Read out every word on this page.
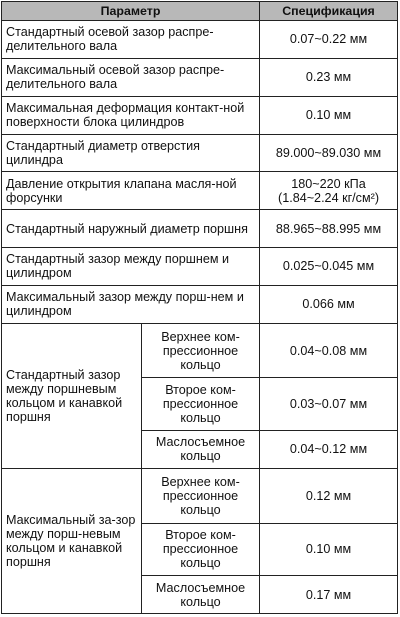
Параметр		Спецификация
Стандартный осевой зазор распре-делительного вала		0.07~0.22 мм
Максимальный осевой зазор распре-делительного вала		0.23 мм
Максимальная деформация контакт-ной поверхности блока цилиндров		0.10 мм
Стандартный диаметр отверстия цилиндра		89.000~89.030 мм
Давление открытия клапана масля-ной форсунки		180~220 кПа (1.84~2.24 кг/см²)
Стандартный наружный диаметр поршня		88.965~88.995 мм
Стандартный зазор между поршнем и цилиндром		0.025~0.045 мм
Максимальный зазор между порш-нем и цилиндром		0.066 мм
Стандартный зазор между поршневым кольцом и канавкой поршня	Верхнее ком-прессионное кольцо	0.04~0.08 мм
	Второе ком-прессионное кольцо	0.03~0.07 мм
	Маслосъемное кольцо	0.04~0.12 мм
Максимальный за-зор между порш-невым кольцом и канавкой поршня	Верхнее ком-прессионное кольцо	0.12 мм
	Второе ком-прессионное кольцо	0.10 мм
	Маслосъемное кольцо	0.17 мм
